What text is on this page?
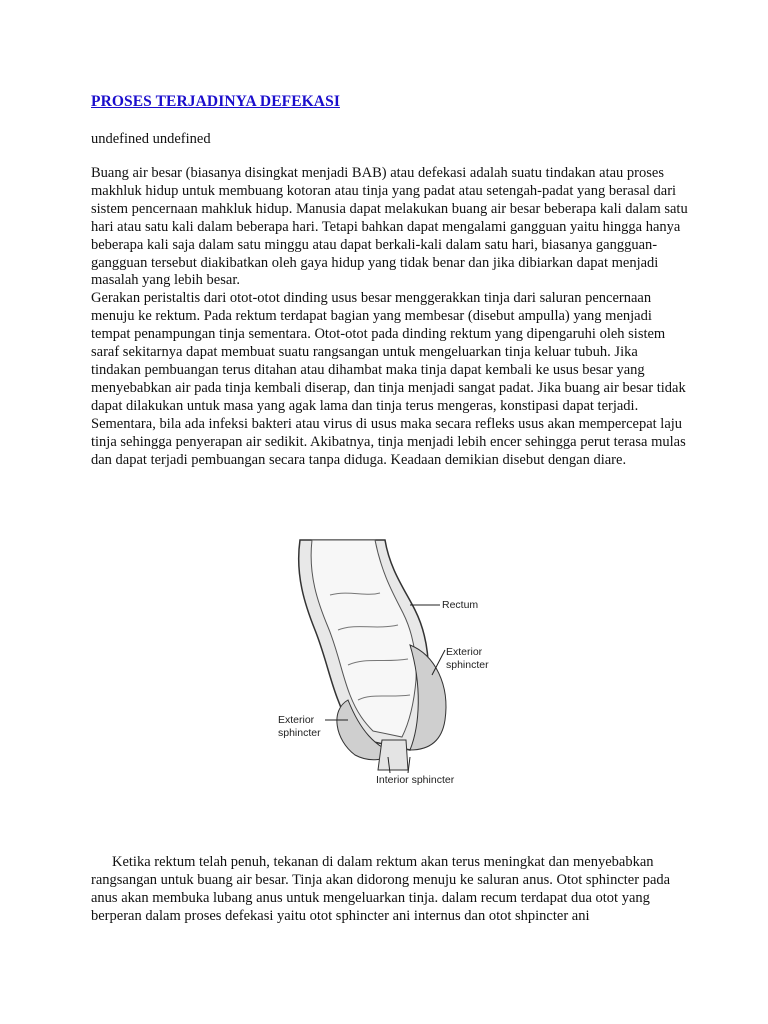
PROSES TERJADINYA DEFEKASI
undefined undefined

Buang air besar (biasanya disingkat menjadi BAB) atau defekasi adalah suatu tindakan atau proses makhluk hidup untuk membuang kotoran atau tinja yang padat atau setengah-padat yang berasal dari sistem pencernaan mahkluk hidup. Manusia dapat melakukan buang air besar beberapa kali dalam satu hari atau satu kali dalam beberapa hari. Tetapi bahkan dapat mengalami gangguan yaitu hingga hanya beberapa kali saja dalam satu minggu atau dapat berkali-kali dalam satu hari, biasanya gangguan-gangguan tersebut diakibatkan oleh gaya hidup yang tidak benar dan jika dibiarkan dapat menjadi masalah yang lebih besar.

Gerakan peristaltis dari otot-otot dinding usus besar menggerakkan tinja dari saluran pencernaan menuju ke rektum. Pada rektum terdapat bagian yang membesar (disebut ampulla) yang menjadi tempat penampungan tinja sementara. Otot-otot pada dinding rektum yang dipengaruhi oleh sistem saraf sekitarnya dapat membuat suatu rangsangan untuk mengeluarkan tinja keluar tubuh. Jika tindakan pembuangan terus ditahan atau dihambat maka tinja dapat kembali ke usus besar yang menyebabkan air pada tinja kembali diserap, dan tinja menjadi sangat padat. Jika buang air besar tidak dapat dilakukan untuk masa yang agak lama dan tinja terus mengeras, konstipasi dapat terjadi. Sementara, bila ada infeksi bakteri atau virus di usus maka secara refleks usus akan mempercepat laju tinja sehingga penyerapan air sedikit. Akibatnya, tinja menjadi lebih encer sehingga perut terasa mulas dan dapat terjadi pembuangan secara tanpa diduga. Keadaan demikian disebut dengan diare.

Rectum
Exterior
sphincter
Exterior
sphincter
Interior sphincter
Ketika rektum telah penuh, tekanan di dalam rektum akan terus meningkat dan menyebabkan rangsangan untuk buang air besar. Tinja akan didorong menuju ke saluran anus. Otot sphincter pada anus akan membuka lubang anus untuk mengeluarkan tinja. dalam recum terdapat dua otot yang berperan dalam proses defekasi yaitu otot sphincter ani internus dan otot shpincter ani
